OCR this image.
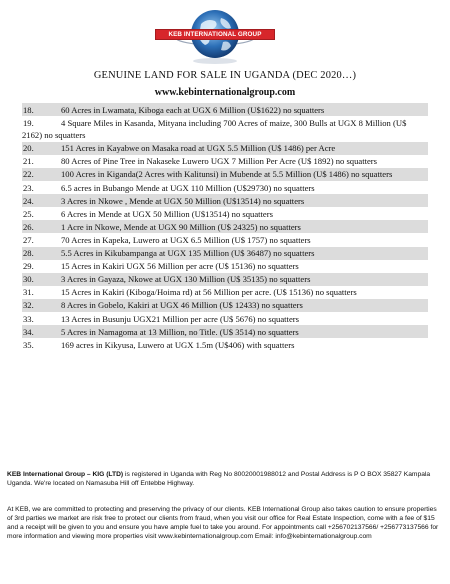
KEB INTERNATIONAL GROUP
GENUINE LAND FOR SALE IN UGANDA (DEC 2020…)
www.kebinternationalgroup.com
18.	60 Acres in Lwamata, Kiboga each at UGX 6 Million (U$1622) no squatters
19.	4 Square Miles in Kasanda, Mityana including 700 Acres of maize, 300 Bulls at UGX 8 Million (U$ 2162) no squatters
20.	151 Acres in Kayabwe on Masaka road at UGX 5.5 Million (U$ 1486) per Acre
21.	80 Acres of Pine Tree in Nakaseke Luwero UGX 7 Million Per Acre (U$ 1892) no squatters
22.	100 Acres in Kiganda(2 Acres with Kalitunsi) in Mubende at 5.5 Million (U$ 1486) no squatters
23.	6.5 acres in Bubango Mende at UGX 110 Million (U$29730) no squatters
24.	3 Acres in Nkowe , Mende at UGX 50 Million (U$13514) no squatters
25.	6 Acres in Mende at UGX 50 Million (U$13514) no squatters
26.	1 Acre in Nkowe, Mende at UGX 90 Million (U$ 24325) no squatters
27.	70 Acres in Kapeka, Luwero at UGX 6.5 Million (U$ 1757) no squatters
28.	5.5 Acres in Kikubampanga at UGX 135 Million (U$ 36487) no squatters
29.	15 Acres in Kakiri UGX 56 Million per acre (U$ 15136) no squatters
30.	3 Acres in Gayaza, Nkowe at UGX 130 Million (U$ 35135) no squatters
31.	15 Acres in Kakiri (Kiboga/Hoima rd) at 56 Million per acre. (U$ 15136) no squatters
32.	8 Acres in Gobelo, Kakiri at UGX 46 Million (U$ 12433) no squatters
33.	13 Acres in Busunju UGX21 Million per acre (U$ 5676) no squatters
34.	5 Acres in Namagoma at 13 Million, no Title. (U$ 3514) no squatters
35.	169 acres in Kikyusa, Luwero at UGX 1.5m (U$406) with squatters
KEB International Group – KIG (LTD) is registered in Uganda with Reg No 80020001988012 and Postal Address is P O BOX 35827 Kampala Uganda. We're located on Namasuba Hill off Entebbe Highway.
At KEB, we are committed to protecting and preserving the privacy of our clients. KEB International Group also takes caution to ensure properties of 3rd parties we market are risk free to protect our clients from fraud, when you visit our office for Real Estate Inspection, come with a fee of $15 and a receipt will be given to you and ensure you have ample fuel to take you around. For appointments call +256702137566/ +256773137566 for more information and viewing more properties visit www.kebinternationalgroup.com Email: info@kebinternationalgroup.com
